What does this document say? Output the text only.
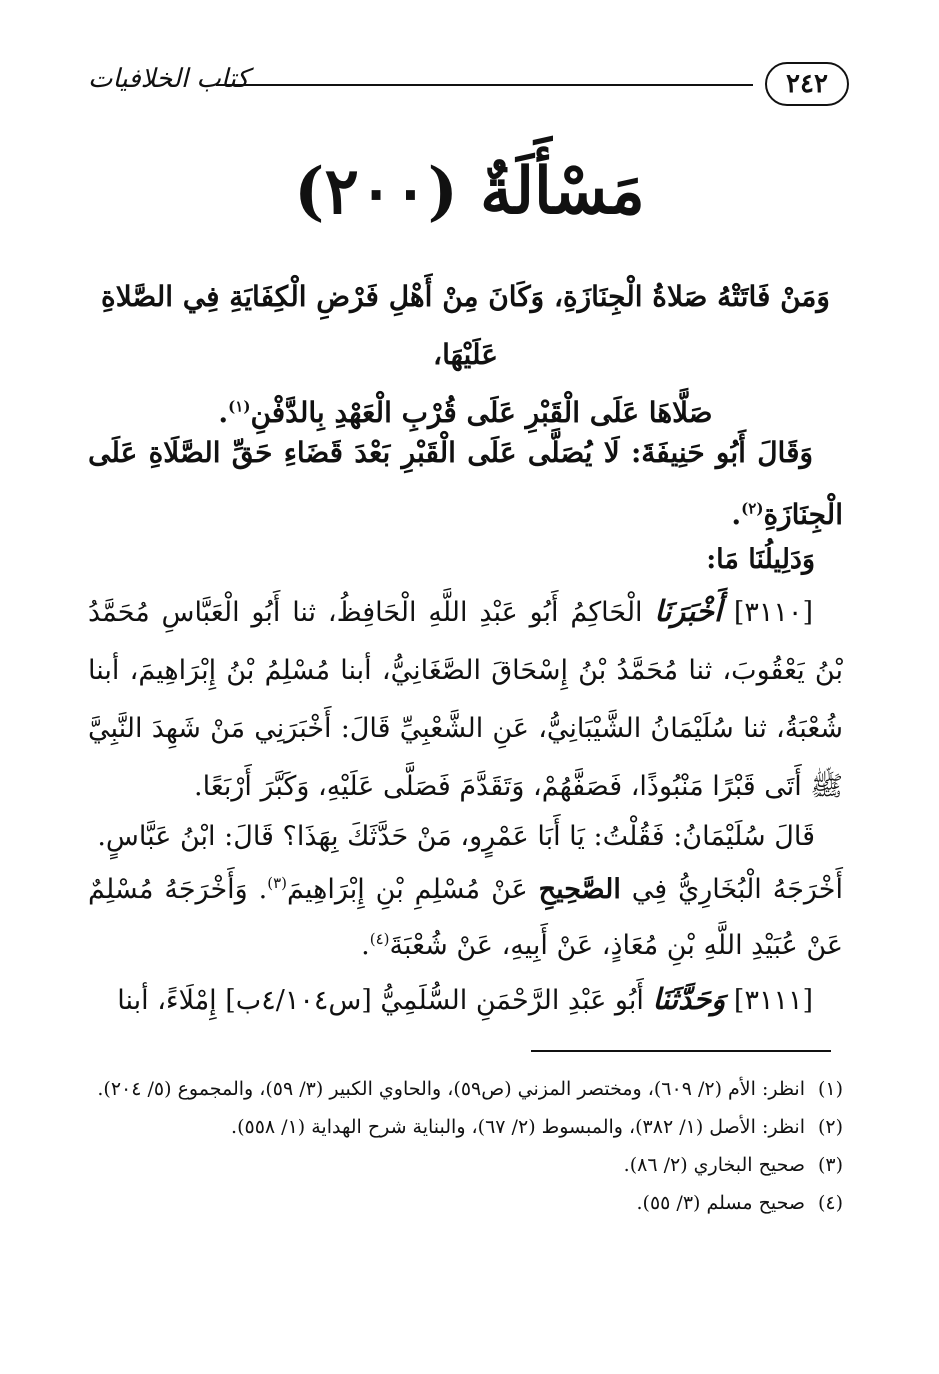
٢٤٢
كتاب الخلافيات
مَسْأَلَةٌ (٢٠٠)
وَمَنْ فَاتَتْهُ صَلاةُ الْجِنَازَةِ، وَكَانَ مِنْ أَهْلِ فَرْضِ الْكِفَايَةِ فِي الصَّلاةِ عَلَيْهَا،
صَلَّاهَا عَلَى الْقَبْرِ عَلَى قُرْبِ الْعَهْدِ بِالدَّفْنِ$^{(١)}$.
وَقَالَ أَبُو حَنِيفَةَ: لَا يُصَلَّى عَلَى الْقَبْرِ بَعْدَ قَضَاءِ حَقِّ الصَّلَاةِ عَلَى الْجِنَازَةِ$^{(٢)}$.
وَدَلِيلُنَا مَا:
[٣١١٠] أَخْبَرَنَا الْحَاكِمُ أَبُو عَبْدِ اللَّهِ الْحَافِظُ، ثنا أَبُو الْعَبَّاسِ مُحَمَّدُ بْنُ يَعْقُوبَ، ثنا مُحَمَّدُ بْنُ إِسْحَاقَ الصَّغَانِيُّ، أبنا مُسْلِمُ بْنُ إِبْرَاهِيمَ، أبنا شُعْبَةُ، ثنا سُلَيْمَانُ الشَّيْبَانِيُّ، عَنِ الشَّعْبِيِّ قَالَ: أَخْبَرَنِي مَنْ شَهِدَ النَّبِيَّ ﷺ أَتَى قَبْرًا مَنْبُوذًا، فَصَفَّهُمْ، وَتَقَدَّمَ فَصَلَّى عَلَيْهِ، وَكَبَّرَ أَرْبَعًا.
قَالَ سُلَيْمَانُ: فَقُلْتُ: يَا أَبَا عَمْرٍو، مَنْ حَدَّثَكَ بِهَذَا؟ قَالَ: ابْنُ عَبَّاسٍ.
أَخْرَجَهُ الْبُخَارِيُّ فِي الصَّحِيحِ عَنْ مُسْلِمِ بْنِ إِبْرَاهِيمَ$^{(٣)}$. وَأَخْرَجَهُ مُسْلِمٌ عَنْ عُبَيْدِ اللَّهِ بْنِ مُعَاذٍ، عَنْ أَبِيهِ، عَنْ شُعْبَةَ$^{(٤)}$.
[٣١١١] وَحَدَّثَنَا أَبُو عَبْدِ الرَّحْمَنِ السُّلَمِيُّ [س٤/١٠٤ب] إِمْلَاءً، أبنا
(١)
انظر: الأم (٢/ ٦٠٩)، ومختصر المزني (ص٥٩)، والحاوي الكبير (٣/ ٥٩)، والمجموع (٥/ ٢٠٤).
(٢)
انظر: الأصل (١/ ٣٨٢)، والمبسوط (٢/ ٦٧)، والبناية شرح الهداية (١/ ٥٥٨).
(٣)
صحيح البخاري (٢/ ٨٦).
(٤)
صحيح مسلم (٣/ ٥٥).
